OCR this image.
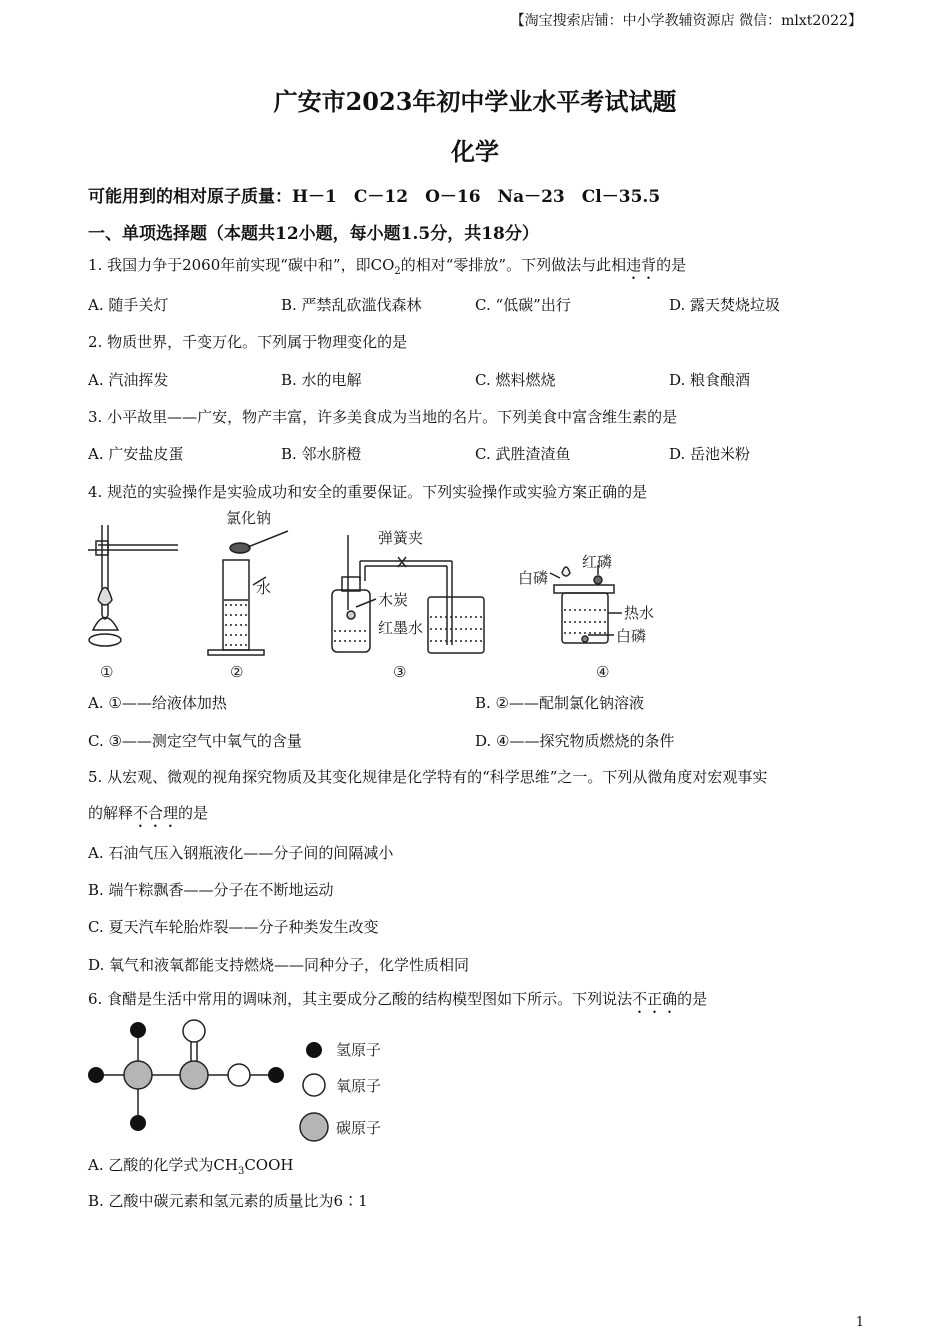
【淘宝搜索店铺：中小学教辅资源店 微信：mlxt2022】
广安市2023年初中学业水平考试试题
化学
可能用到的相对原子质量：H－1　C－12　O－16　Na－23　Cl－35.5
一、单项选择题（本题共12小题，每小题1.5分，共18分）
1. 我国力争于2060年前实现“碳中和”，即$CO_2$的相对“零排放”。下列做法与此相违背的是
A. 随手关灯	B. 严禁乱砍滥伐森林	C. “低碳”出行	D. 露天焚烧垃圾
2. 物质世界，千变万化。下列属于物理变化的是
A. 汽油挥发	B. 水的电解	C. 燃料燃烧	D. 粮食酿酒
3. 小平故里——广安，物产丰富，许多美食成为当地的名片。下列美食中富含维生素的是
A. 广安盐皮蛋	B. 邻水脐橙	C. 武胜渣渣鱼	D. 岳池米粉
4. 规范的实验操作是实验成功和安全的重要保证。下列实验操作或实验方案正确的是
氯化钠
水
弹簧夹
木炭
红墨水
红磷
白磷
热水
白磷
①	②	③	④
A. ①——给液体加热	B. ②——配制氯化钠溶液
C. ③——测定空气中氧气的含量	D. ④——探究物质燃烧的条件
5. 从宏观、微观的视角探究物质及其变化规律是化学特有的“科学思维”之一。下列从微角度对宏观事实
的解释不合理的是
A. 石油气压入钢瓶液化——分子间的间隔减小
B. 端午粽飘香——分子在不断地运动
C. 夏天汽车轮胎炸裂——分子种类发生改变
D. 氧气和液氧都能支持燃烧——同种分子，化学性质相同
6. 食醋是生活中常用的调味剂，其主要成分乙酸的结构模型图如下所示。下列说法不正确的是
氢原子
氧原子
碳原子
A. 乙酸的化学式为$CH_3COOH$
B. 乙酸中碳元素和氢元素的质量比为6∶1
1
